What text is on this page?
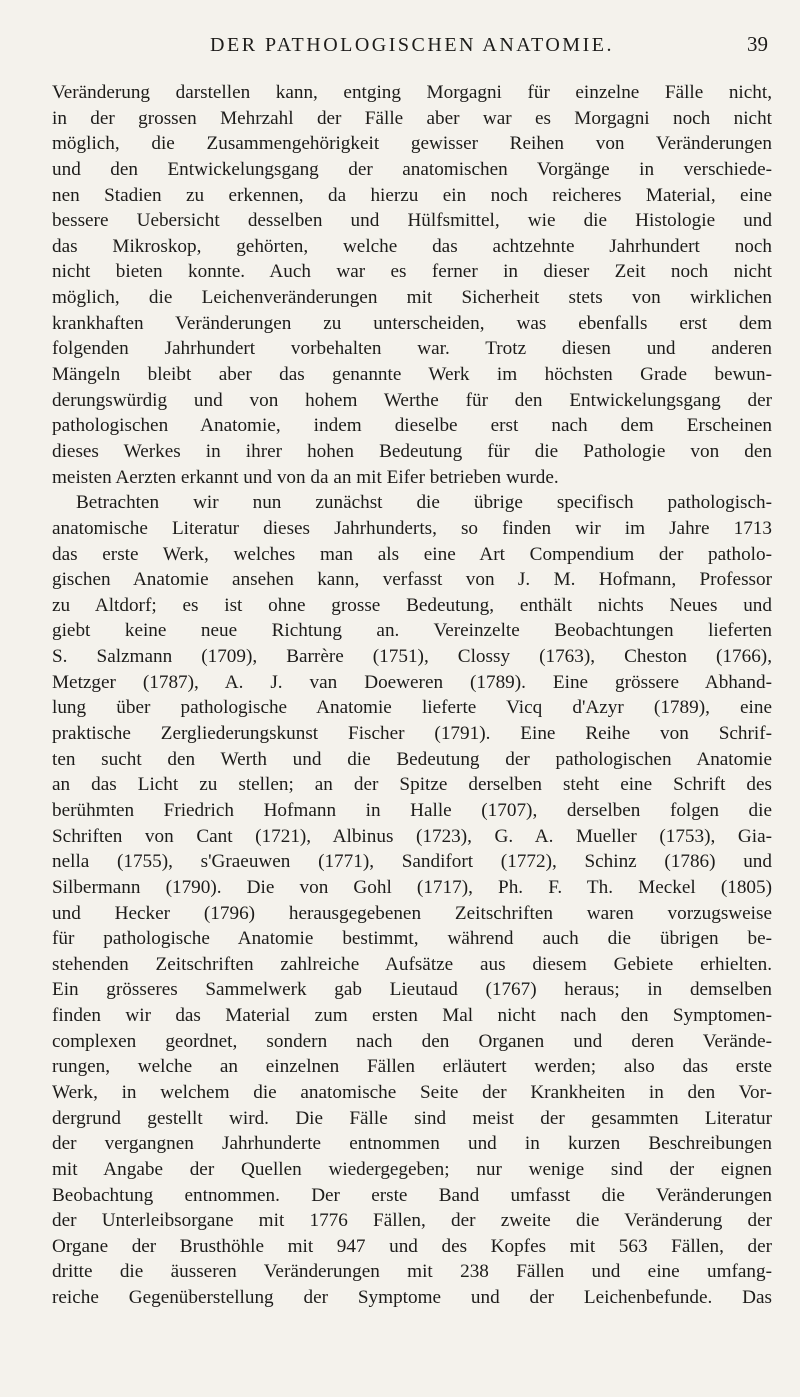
DER PATHOLOGISCHEN ANATOMIE.	39
Veränderung darstellen kann, entging Morgagni für einzelne Fälle nicht,
in der grossen Mehrzahl der Fälle aber war es Morgagni noch nicht
möglich, die Zusammengehörigkeit gewisser Reihen von Veränderungen
und den Entwickelungsgang der anatomischen Vorgänge in verschiede-
nen Stadien zu erkennen, da hierzu ein noch reicheres Material, eine
bessere Uebersicht desselben und Hülfsmittel, wie die Histologie und
das Mikroskop, gehörten, welche das achtzehnte Jahrhundert noch
nicht bieten konnte. Auch war es ferner in dieser Zeit noch nicht
möglich, die Leichenveränderungen mit Sicherheit stets von wirklichen
krankhaften Veränderungen zu unterscheiden, was ebenfalls erst dem
folgenden Jahrhundert vorbehalten war. Trotz diesen und anderen
Mängeln bleibt aber das genannte Werk im höchsten Grade bewun-
derungswürdig und von hohem Werthe für den Entwickelungsgang der
pathologischen Anatomie, indem dieselbe erst nach dem Erscheinen
dieses Werkes in ihrer hohen Bedeutung für die Pathologie von den
meisten Aerzten erkannt und von da an mit Eifer betrieben wurde.
Betrachten wir nun zunächst die übrige specifisch pathologisch-
anatomische Literatur dieses Jahrhunderts, so finden wir im Jahre 1713
das erste Werk, welches man als eine Art Compendium der patholo-
gischen Anatomie ansehen kann, verfasst von J. M. Hofmann, Professor
zu Altdorf; es ist ohne grosse Bedeutung, enthält nichts Neues und
giebt keine neue Richtung an. Vereinzelte Beobachtungen lieferten
S. Salzmann (1709), Barrère (1751), Clossy (1763), Cheston (1766),
Metzger (1787), A. J. van Doeweren (1789). Eine grössere Abhand-
lung über pathologische Anatomie lieferte Vicq d'Azyr (1789), eine
praktische Zergliederungskunst Fischer (1791). Eine Reihe von Schrif-
ten sucht den Werth und die Bedeutung der pathologischen Anatomie
an das Licht zu stellen; an der Spitze derselben steht eine Schrift des
berühmten Friedrich Hofmann in Halle (1707), derselben folgen die
Schriften von Cant (1721), Albinus (1723), G. A. Mueller (1753), Gia-
nella (1755), s'Graeuwen (1771), Sandifort (1772), Schinz (1786) und
Silbermann (1790). Die von Gohl (1717), Ph. F. Th. Meckel (1805)
und Hecker (1796) herausgegebenen Zeitschriften waren vorzugsweise
für pathologische Anatomie bestimmt, während auch die übrigen be-
stehenden Zeitschriften zahlreiche Aufsätze aus diesem Gebiete erhielten.
Ein grösseres Sammelwerk gab Lieutaud (1767) heraus; in demselben
finden wir das Material zum ersten Mal nicht nach den Symptomen-
complexen geordnet, sondern nach den Organen und deren Verände-
rungen, welche an einzelnen Fällen erläutert werden; also das erste
Werk, in welchem die anatomische Seite der Krankheiten in den Vor-
dergrund gestellt wird. Die Fälle sind meist der gesammten Literatur
der vergangnen Jahrhunderte entnommen und in kurzen Beschreibungen
mit Angabe der Quellen wiedergegeben; nur wenige sind der eignen
Beobachtung entnommen. Der erste Band umfasst die Veränderungen
der Unterleibsorgane mit 1776 Fällen, der zweite die Veränderung der
Organe der Brusthöhle mit 947 und des Kopfes mit 563 Fällen, der
dritte die äusseren Veränderungen mit 238 Fällen und eine umfang-
reiche Gegenüberstellung der Symptome und der Leichenbefunde. Das
